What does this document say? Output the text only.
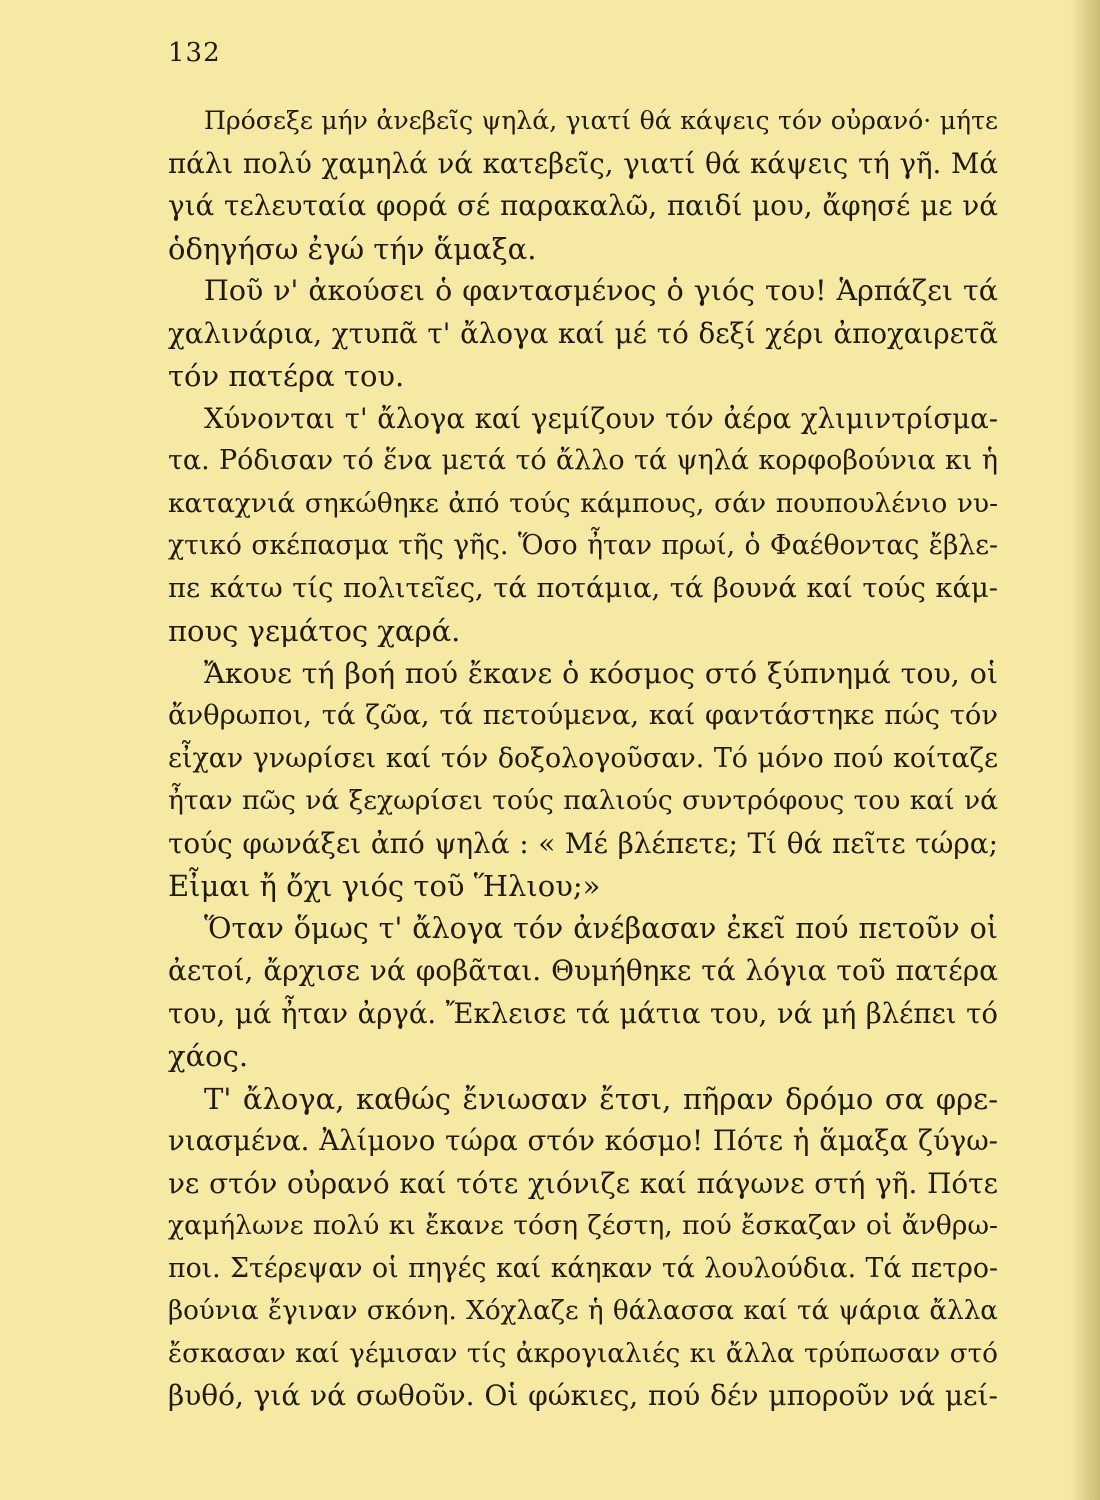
132
Πρόσεξε μήν ἀνεβεῖς ψηλά, γιατί θά κάψεις τόν οὐρανό· μήτε
πάλι πολύ χαμηλά νά κατεβεῖς, γιατί θά κάψεις τή γῆ. Μά
γιά τελευταία φορά σέ παρακαλῶ, παιδί μου, ἄφησέ με νά
ὁδηγήσω ἐγώ τήν ἅμαξα.
Ποῦ ν' ἀκούσει ὁ φαντασμένος ὁ γιός του! Ἁρπάζει τά
χαλινάρια, χτυπᾶ τ' ἄλογα καί μέ τό δεξί χέρι ἀποχαιρετᾶ
τόν πατέρα του.
Χύνονται τ' ἄλογα καί γεμίζουν τόν ἀέρα χλιμιντρίσμα-
τα. Ρόδισαν τό ἕνα μετά τό ἄλλο τά ψηλά κορφοβούνια κι ἡ
καταχνιά σηκώθηκε ἀπό τούς κάμπους, σάν πουπουλένιο νυ-
χτικό σκέπασμα τῆς γῆς. Ὅσο ἦταν πρωί, ὁ Φαέθοντας ἔβλε-
πε κάτω τίς πολιτεῖες, τά ποτάμια, τά βουνά καί τούς κάμ-
πους γεμάτος χαρά.
Ἄκουε τή βοή πού ἔκανε ὁ κόσμος στό ξύπνημά του, οἱ
ἄνθρωποι, τά ζῶα, τά πετούμενα, καί φαντάστηκε πώς τόν
εἶχαν γνωρίσει καί τόν δοξολογοῦσαν. Τό μόνο πού κοίταζε
ἦταν πῶς νά ξεχωρίσει τούς παλιούς συντρόφους του καί νά
τούς φωνάξει ἀπό ψηλά : « Μέ βλέπετε; Τί θά πεῖτε τώρα;
Εἶμαι ἤ ὄχι γιός τοῦ Ἥλιου;»
Ὅταν ὅμως τ' ἄλογα τόν ἀνέβασαν ἐκεῖ πού πετοῦν οἱ
ἀετοί, ἄρχισε νά φοβᾶται. Θυμήθηκε τά λόγια τοῦ πατέρα
του, μά ἦταν ἀργά. Ἔκλεισε τά μάτια του, νά μή βλέπει τό
χάος.
Τ' ἄλογα, καθώς ἔνιωσαν ἔτσι, πῆραν δρόμο σα φρε-
νιασμένα. Ἀλίμονο τώρα στόν κόσμο! Πότε ἡ ἅμαξα ζύγω-
νε στόν οὐρανό καί τότε χιόνιζε καί πάγωνε στή γῆ. Πότε
χαμήλωνε πολύ κι ἔκανε τόση ζέστη, πού ἔσκαζαν οἱ ἄνθρω-
ποι. Στέρεψαν οἱ πηγές καί κάηκαν τά λουλούδια. Τά πετρο-
βούνια ἔγιναν σκόνη. Χόχλαζε ἡ θάλασσα καί τά ψάρια ἄλλα
ἔσκασαν καί γέμισαν τίς ἀκρογιαλιές κι ἄλλα τρύπωσαν στό
βυθό, γιά νά σωθοῦν. Οἱ φώκιες, πού δέν μποροῦν νά μεί-
